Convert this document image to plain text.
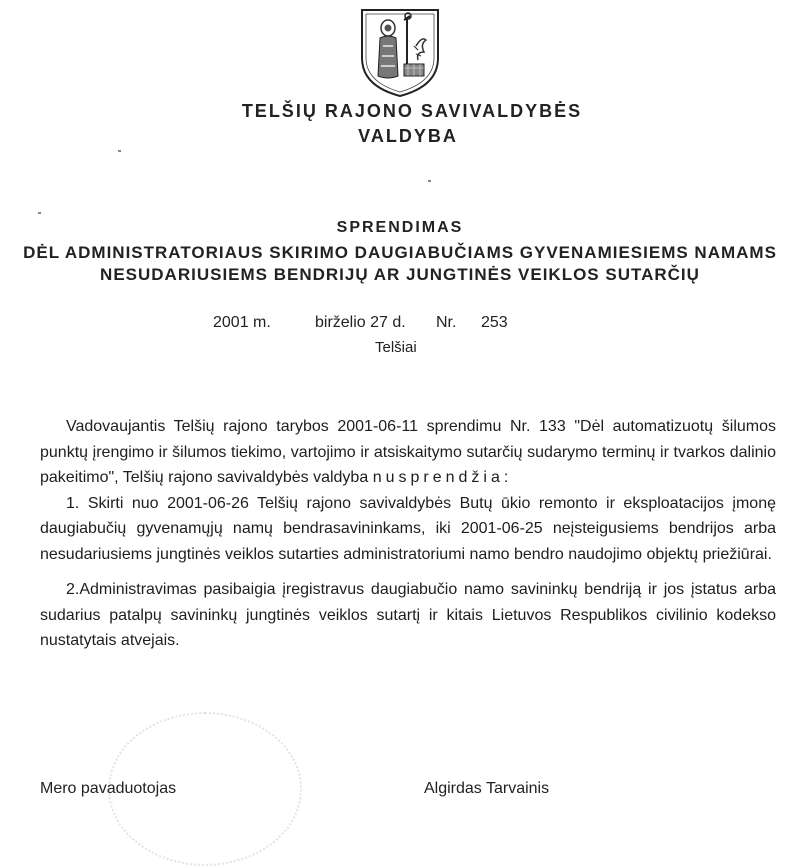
TELŠIŲ RAJONO SAVIVALDYBĖS
VALDYBA
SPRENDIMAS
DĖL ADMINISTRATORIAUS SKIRIMO DAUGIABUČIAMS GYVENAMIESIEMS NAMAMS
NESUDARIUSIEMS BENDRIJŲ AR JUNGTINĖS VEIKLOS SUTARČIŲ
2001 m.	birželio 27 d. Nr. 253
Telšiai

Vadovaujantis Telšių rajono tarybos 2001-06-11 sprendimu Nr. 133 "Dėl automatizuotų šilumos punktų įrengimo ir šilumos tiekimo, vartojimo ir atsiskaitymo sutarčių sudarymo terminų ir tvarkos dalinio pakeitimo", Telšių rajono savivaldybės valdyba nusprendžia:

1. Skirti nuo 2001-06-26 Telšių rajono savivaldybės Butų ūkio remonto ir eksploatacijos įmonę daugiabučių gyvenamųjų namų bendrasavininkams, iki 2001-06-25 neįsteigusiems bendrijos arba nesudariusiems jungtinės veiklos sutarties administratoriumi namo bendro naudojimo objektų priežiūrai.

2.Administravimas pasibaigia įregistravus daugiabučio namo savininkų bendriją ir jos įstatus arba sudarius patalpų savininkų jungtinės veiklos sutartį ir kitais Lietuvos Respublikos civilinio kodekso nustatytais atvejais.

Mero pavaduotojas	Algirdas Tarvainis
